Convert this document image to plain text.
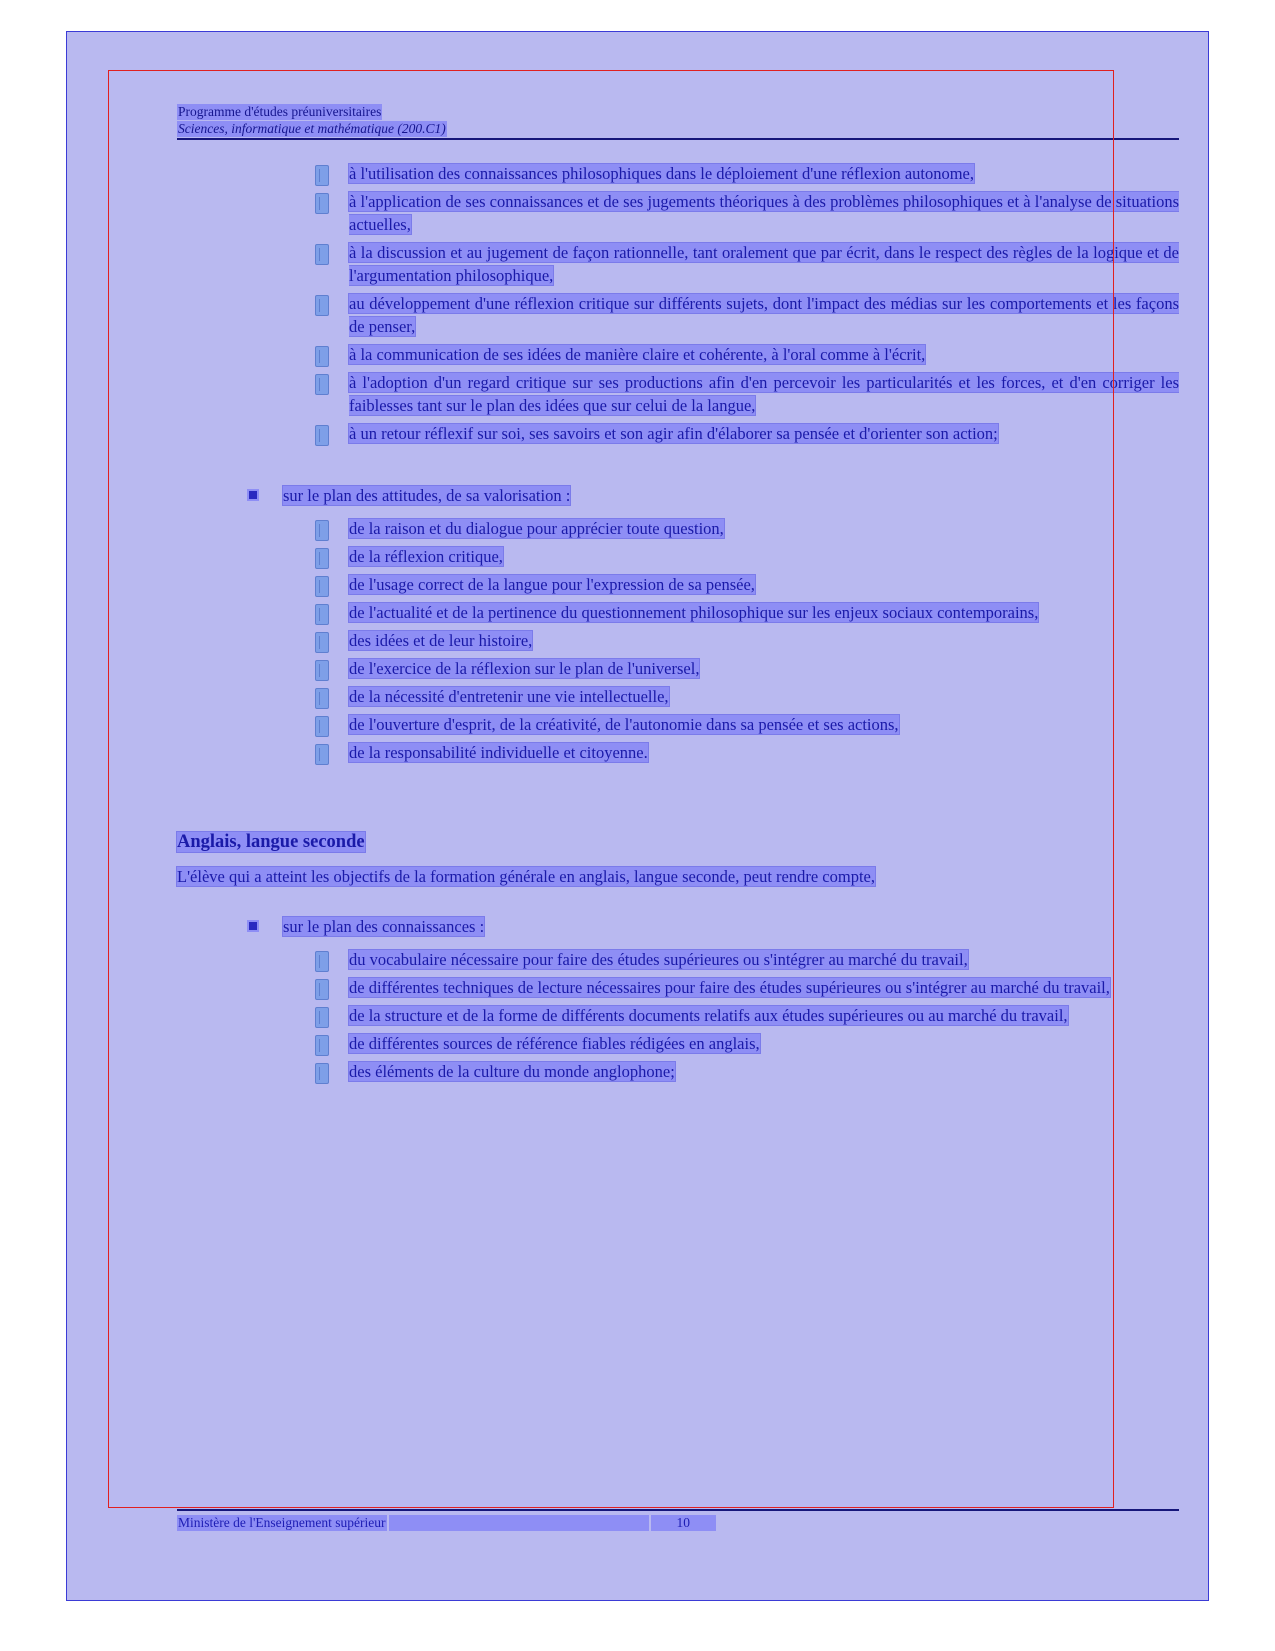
Programme d'études préuniversitaires
Sciences, informatique et mathématique (200.C1)
à l'utilisation des connaissances philosophiques dans le déploiement d'une réflexion autonome,
à l'application de ses connaissances et de ses jugements théoriques à des problèmes philosophiques et à l'analyse de situations actuelles,
à la discussion et au jugement de façon rationnelle, tant oralement que par écrit, dans le respect des règles de la logique et de l'argumentation philosophique,
au développement d'une réflexion critique sur différents sujets, dont l'impact des médias sur les comportements et les façons de penser,
à la communication de ses idées de manière claire et cohérente, à l'oral comme à l'écrit,
à l'adoption d'un regard critique sur ses productions afin d'en percevoir les particularités et les forces, et d'en corriger les faiblesses tant sur le plan des idées que sur celui de la langue,
à un retour réflexif sur soi, ses savoirs et son agir afin d'élaborer sa pensée et d'orienter son action;
sur le plan des attitudes, de sa valorisation :
de la raison et du dialogue pour apprécier toute question,
de la réflexion critique,
de l'usage correct de la langue pour l'expression de sa pensée,
de l'actualité et de la pertinence du questionnement philosophique sur les enjeux sociaux contemporains,
des idées et de leur histoire,
de l'exercice de la réflexion sur le plan de l'universel,
de la nécessité d'entretenir une vie intellectuelle,
de l'ouverture d'esprit, de la créativité, de l'autonomie dans sa pensée et ses actions,
de la responsabilité individuelle et citoyenne.
Anglais, langue seconde
L'élève qui a atteint les objectifs de la formation générale en anglais, langue seconde, peut rendre compte,
sur le plan des connaissances :
du vocabulaire nécessaire pour faire des études supérieures ou s'intégrer au marché du travail,
de différentes techniques de lecture nécessaires pour faire des études supérieures ou s'intégrer au marché du travail,
de la structure et de la forme de différents documents relatifs aux études supérieures ou au marché du travail,
de différentes sources de référence fiables rédigées en anglais,
des éléments de la culture du monde anglophone;
Ministère de l'Enseignement supérieur	10
